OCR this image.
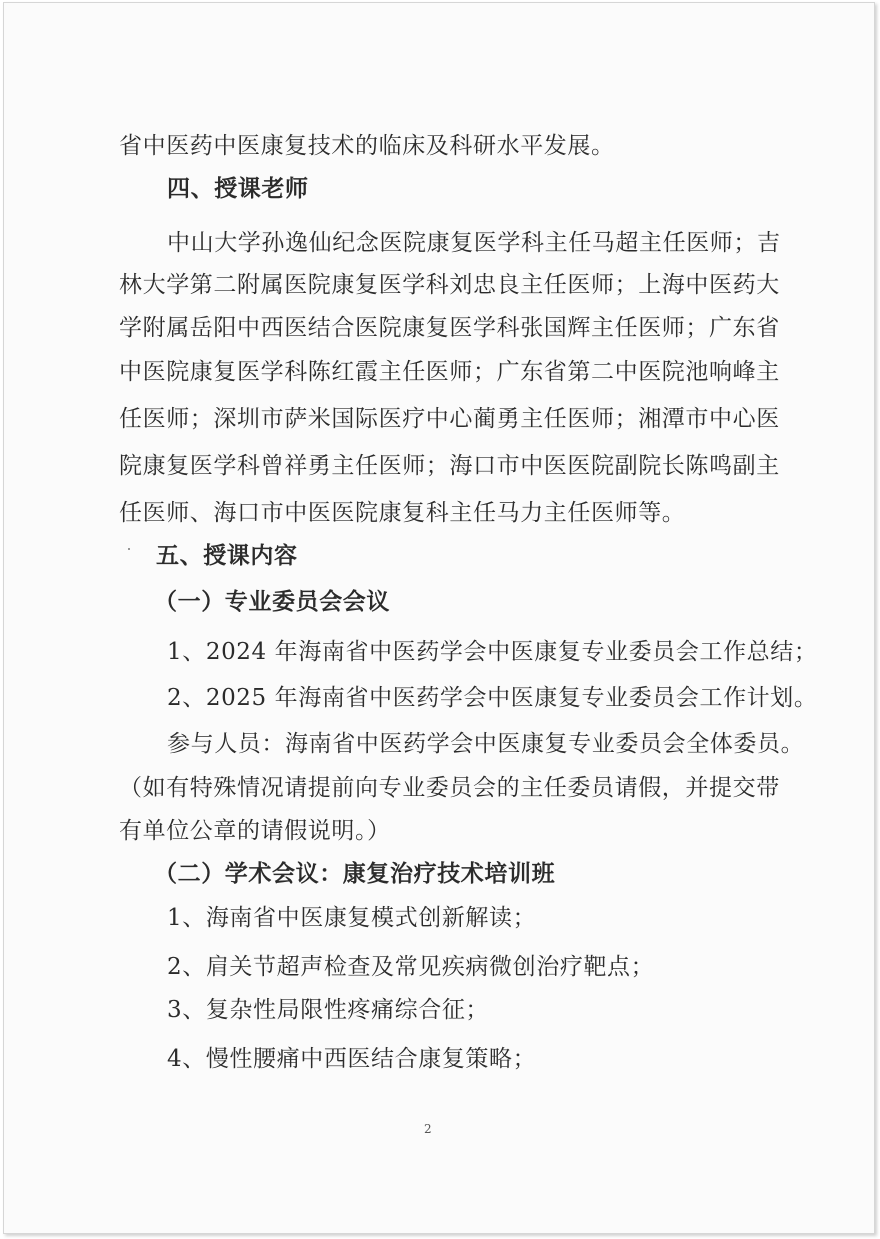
省中医药中医康复技术的临床及科研水平发展。
四、授课老师
中山大学孙逸仙纪念医院康复医学科主任马超主任医师；吉
林大学第二附属医院康复医学科刘忠良主任医师；上海中医药大
学附属岳阳中西医结合医院康复医学科张国辉主任医师；广东省
中医院康复医学科陈红霞主任医师；广东省第二中医院池响峰主
任医师；深圳市萨米国际医疗中心蔺勇主任医师；湘潭市中心医
院康复医学科曾祥勇主任医师；海口市中医医院副院长陈鸣副主
任医师、海口市中医医院康复科主任马力主任医师等。
五、授课内容
（一）专业委员会会议
1、2024 年海南省中医药学会中医康复专业委员会工作总结；
2、2025 年海南省中医药学会中医康复专业委员会工作计划。
参与人员：海南省中医药学会中医康复专业委员会全体委员。
（如有特殊情况请提前向专业委员会的主任委员请假，并提交带
有单位公章的请假说明。）
（二）学术会议：康复治疗技术培训班
1、海南省中医康复模式创新解读；
2、肩关节超声检查及常见疾病微创治疗靶点；
3、复杂性局限性疼痛综合征；
4、慢性腰痛中西医结合康复策略；
2
